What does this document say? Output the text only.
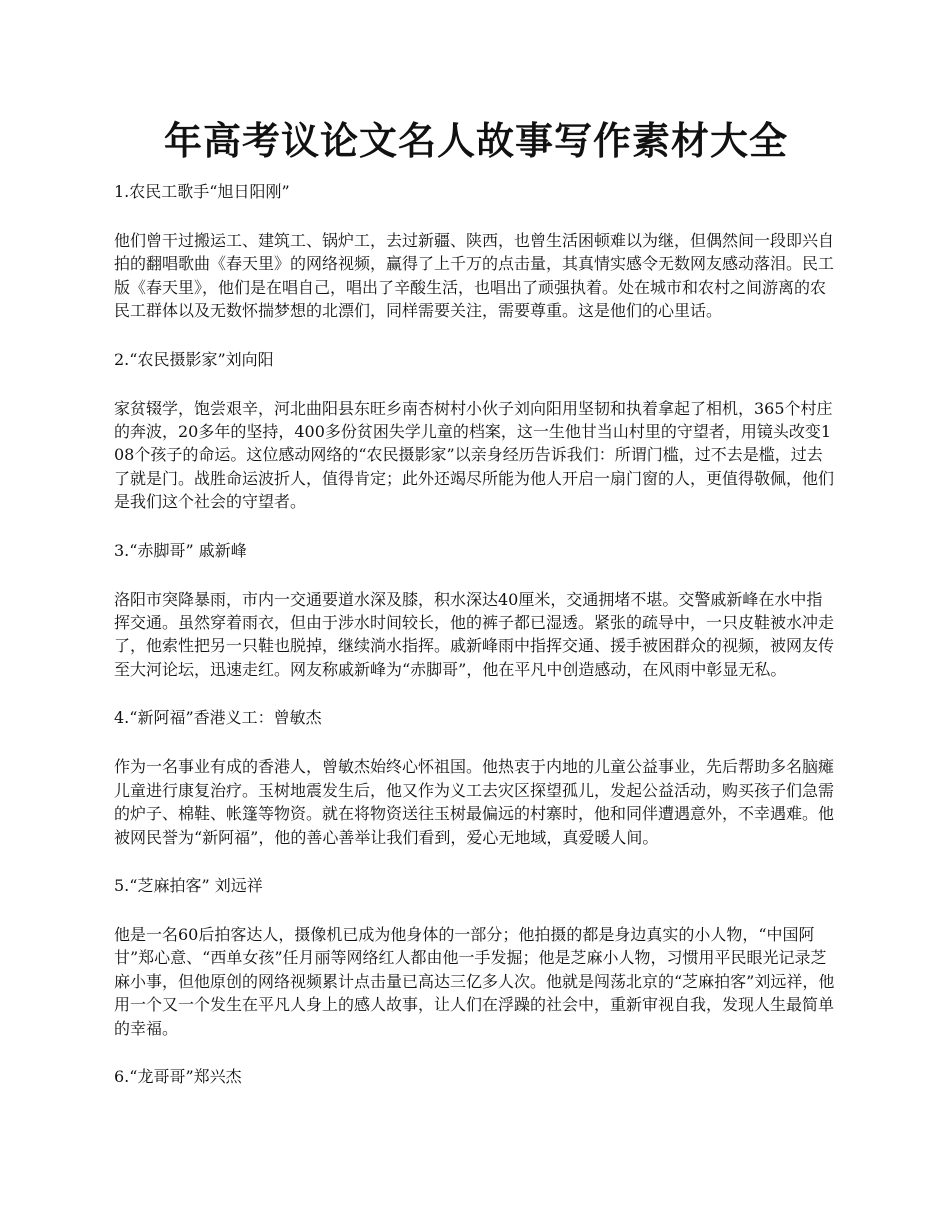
年高考议论文名人故事写作素材大全
1.农民工歌手“旭日阳刚”
他们曾干过搬运工、建筑工、锅炉工，去过新疆、陕西，也曾生活困顿难以为继，但偶然间一段即兴自拍的翻唱歌曲《春天里》的网络视频，赢得了上千万的点击量，其真情实感令无数网友感动落泪。民工版《春天里》，他们是在唱自己，唱出了辛酸生活，也唱出了顽强执着。处在城市和农村之间游离的农民工群体以及无数怀揣梦想的北漂们，同样需要关注，需要尊重。这是他们的心里话。
2.“农民摄影家”刘向阳
家贫辍学，饱尝艰辛，河北曲阳县东旺乡南杏树村小伙子刘向阳用坚韧和执着拿起了相机，365个村庄的奔波，20多年的坚持，400多份贫困失学儿童的档案，这一生他甘当山村里的守望者，用镜头改变108个孩子的命运。这位感动网络的“农民摄影家”以亲身经历告诉我们：所谓门槛，过不去是槛，过去了就是门。战胜命运波折人，值得肯定；此外还竭尽所能为他人开启一扇门窗的人，更值得敬佩，他们是我们这个社会的守望者。
3.“赤脚哥” 戚新峰
洛阳市突降暴雨，市内一交通要道水深及膝，积水深达40厘米，交通拥堵不堪。交警戚新峰在水中指挥交通。虽然穿着雨衣，但由于涉水时间较长，他的裤子都已湿透。紧张的疏导中，一只皮鞋被水冲走了，他索性把另一只鞋也脱掉，继续淌水指挥。戚新峰雨中指挥交通、援手被困群众的视频，被网友传至大河论坛，迅速走红。网友称戚新峰为“赤脚哥”，他在平凡中创造感动，在风雨中彰显无私。
4.“新阿福”香港义工：曾敏杰
作为一名事业有成的香港人，曾敏杰始终心怀祖国。他热衷于内地的儿童公益事业，先后帮助多名脑瘫儿童进行康复治疗。玉树地震发生后，他又作为义工去灾区探望孤儿，发起公益活动，购买孩子们急需的炉子、棉鞋、帐篷等物资。就在将物资送往玉树最偏远的村寨时，他和同伴遭遇意外，不幸遇难。他被网民誉为“新阿福”，他的善心善举让我们看到，爱心无地域，真爱暖人间。
5.“芝麻拍客” 刘远祥
他是一名60后拍客达人，摄像机已成为他身体的一部分；他拍摄的都是身边真实的小人物，“中国阿甘”郑心意、“西单女孩”任月丽等网络红人都由他一手发掘；他是芝麻小人物，习惯用平民眼光记录芝麻小事，但他原创的网络视频累计点击量已高达三亿多人次。他就是闯荡北京的“芝麻拍客”刘远祥，他用一个又一个发生在平凡人身上的感人故事，让人们在浮躁的社会中，重新审视自我，发现人生最简单的幸福。
6.“龙哥哥”郑兴杰
